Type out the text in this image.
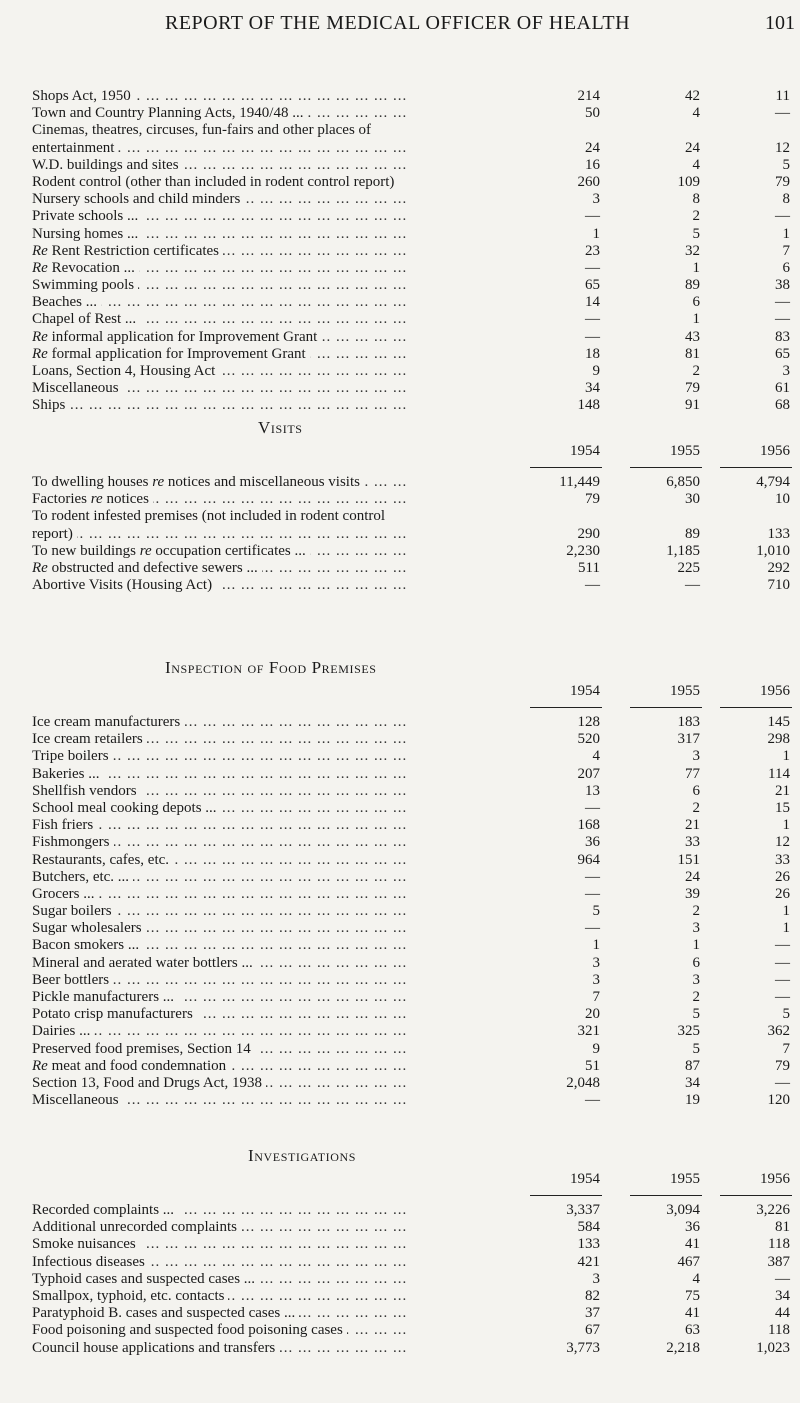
REPORT OF THE MEDICAL OFFICER OF HEALTH	101
Shops Act, 1950 ... .	214	42	11
Town and Country Planning Acts, 1940/48 ... ... .	50	4	—
Cinemas, theatres, circuses, fun-fairs and other places of
entertainment ... .	24	24	12
W.D. buildings and sites ... .	16	4	5
Rodent control (other than included in rodent control report)	260	109	79
Nursery schools and child minders ... .	3	8	8
Private schools ... ... .	—	2	—
Nursing homes ... ... .	1	5	1
Re Rent Restriction certificates ... .	23	32	7
Re Revocation ... ... .	—	1	6
Swimming pools ... .	65	89	38
Beaches ... ... .	14	6	—
Chapel of Rest ... ... .	—	1	—
Re informal application for Improvement Grant ... .	—	43	83
Re formal application for Improvement Grant ... .	18	81	65
Loans, Section 4, Housing Act ... .	9	2	3
Miscellaneous ... .	34	79	61
Ships ... .	148	91	68
Visits
1954	1955	1956
To dwelling houses re notices and miscellaneous visits ... .	11,449	6,850	4,794
Factories re notices ... .	79	30	10
To rodent infested premises (not included in rodent control
report) ... .	290	89	133
To new buildings re occupation certificates ... ... .	2,230	1,185	1,010
Re obstructed and defective sewers ... ... .	511	225	292
Abortive Visits (Housing Act) ... .	—	—	710
Inspection of Food Premises
1954	1955	1956
Ice cream manufacturers ... .	128	183	145
Ice cream retailers ... .	520	317	298
Tripe boilers ... .	4	3	1
Bakeries ... ... .	207	77	114
Shellfish vendors ... .	13	6	21
School meal cooking depots ... ... .	—	2	15
Fish friers ... .	168	21	1
Fishmongers ... .	36	33	12
Restaurants, cafes, etc. ... .	964	151	33
Butchers, etc. ... ... .	—	24	26
Grocers ... ... .	—	39	26
Sugar boilers ... .	5	2	1
Sugar wholesalers ... .	—	3	1
Bacon smokers ... ... .	1	1	—
Mineral and aerated water bottlers ... ... .	3	6	—
Beer bottlers ... .	3	3	—
Pickle manufacturers ... ... .	7	2	—
Potato crisp manufacturers ... .	20	5	5
Dairies ... ... .	321	325	362
Preserved food premises, Section 14 ... .	9	5	7
Re meat and food condemnation ... .	51	87	79
Section 13, Food and Drugs Act, 1938 ... .	2,048	34	—
Miscellaneous ... .	—	19	120
Investigations
1954	1955	1956
Recorded complaints ... ... .	3,337	3,094	3,226
Additional unrecorded complaints ... .	584	36	81
Smoke nuisances ... .	133	41	118
Infectious diseases ... .	421	467	387
Typhoid cases and suspected cases ... ... .	3	4	—
Smallpox, typhoid, etc. contacts ... .	82	75	34
Paratyphoid B. cases and suspected cases ... ... .	37	41	44
Food poisoning and suspected food poisoning cases ... .	67	63	118
Council house applications and transfers ... .	3,773	2,218	1,023
